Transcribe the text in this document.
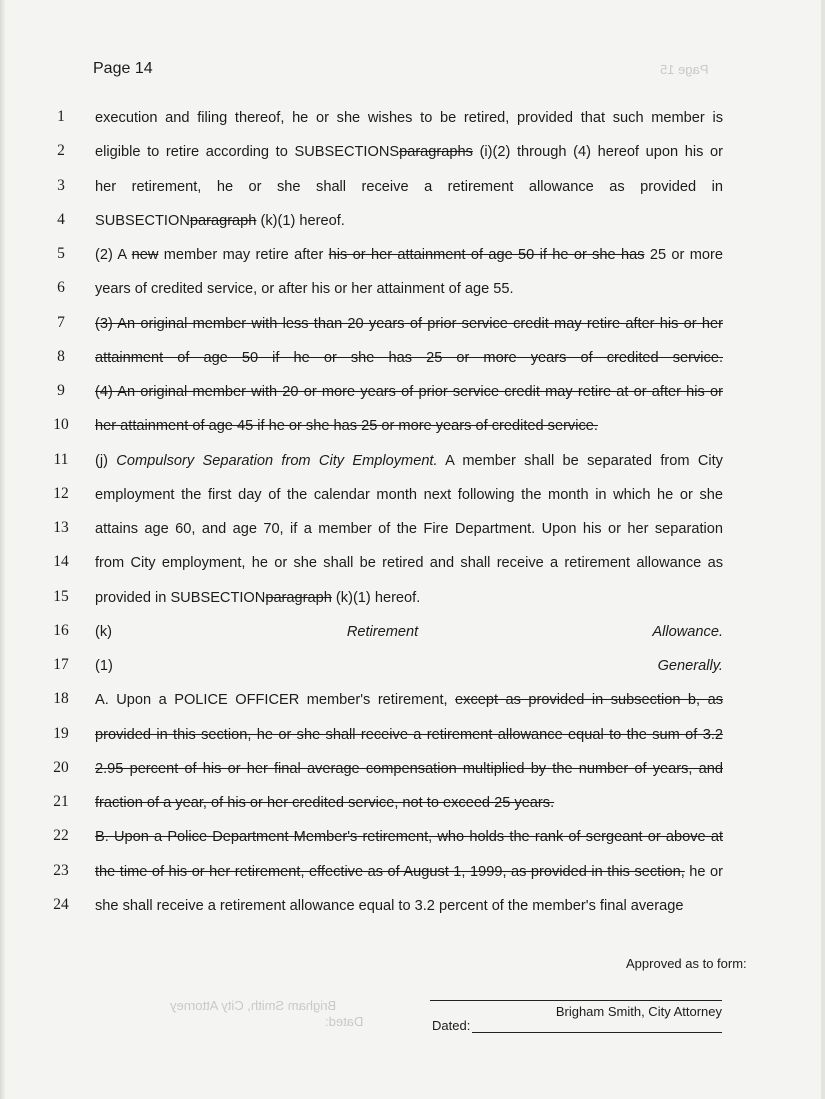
Page 15
Brigham Smith, City Attorney
Dated:
Page 14
1	execution and filing thereof, he or she wishes to be retired, provided that such member is
2	eligible to retire according to SUBSECTIONSparagraphs (i)(2) through (4) hereof upon his or
3	her retirement, he or she shall receive a retirement allowance as provided in
4	SUBSECTIONparagraph (k)(1) hereof.
5	(2) A new member may retire after his or her attainment of age 50 if he or she has 25 or more
6	years of credited service, or after his or her attainment of age 55.
7	(3) An original member with less than 20 years of prior service credit may retire after his or her
8	attainment of age 50 if he or she has 25 or more years of credited service.
9	(4) An original member with 20 or more years of prior service credit may retire at or after his or
10 her attainment of age 45 if he or she has 25 or more years of credited service.
11 (j) Compulsory Separation from City Employment. A member shall be separated from City
12 employment the first day of the calendar month next following the month in which he or she
13 attains age 60, and age 70, if a member of the Fire Department. Upon his or her separation
14 from City employment, he or she shall be retired and shall receive a retirement allowance as
15 provided in SUBSECTIONparagraph (k)(1) hereof.
16 (k) Retirement Allowance.
17 (1) Generally.
18 A. Upon a POLICE OFFICER member's retirement, except as provided in subsection b, as
19 provided in this section, he or she shall receive a retirement allowance equal to the sum of 3.2
20 2.95 percent of his or her final average compensation multiplied by the number of years, and
21 fraction of a year, of his or her credited service, not to exceed 25 years.
22 B. Upon a Police Department Member's retirement, who holds the rank of sergeant or above at
23 the time of his or her retirement, effective as of August 1, 1999, as provided in this section, he or
24 she shall receive a retirement allowance equal to 3.2 percent of the member's final average
Approved as to form:
Brigham Smith, City Attorney
Dated:
